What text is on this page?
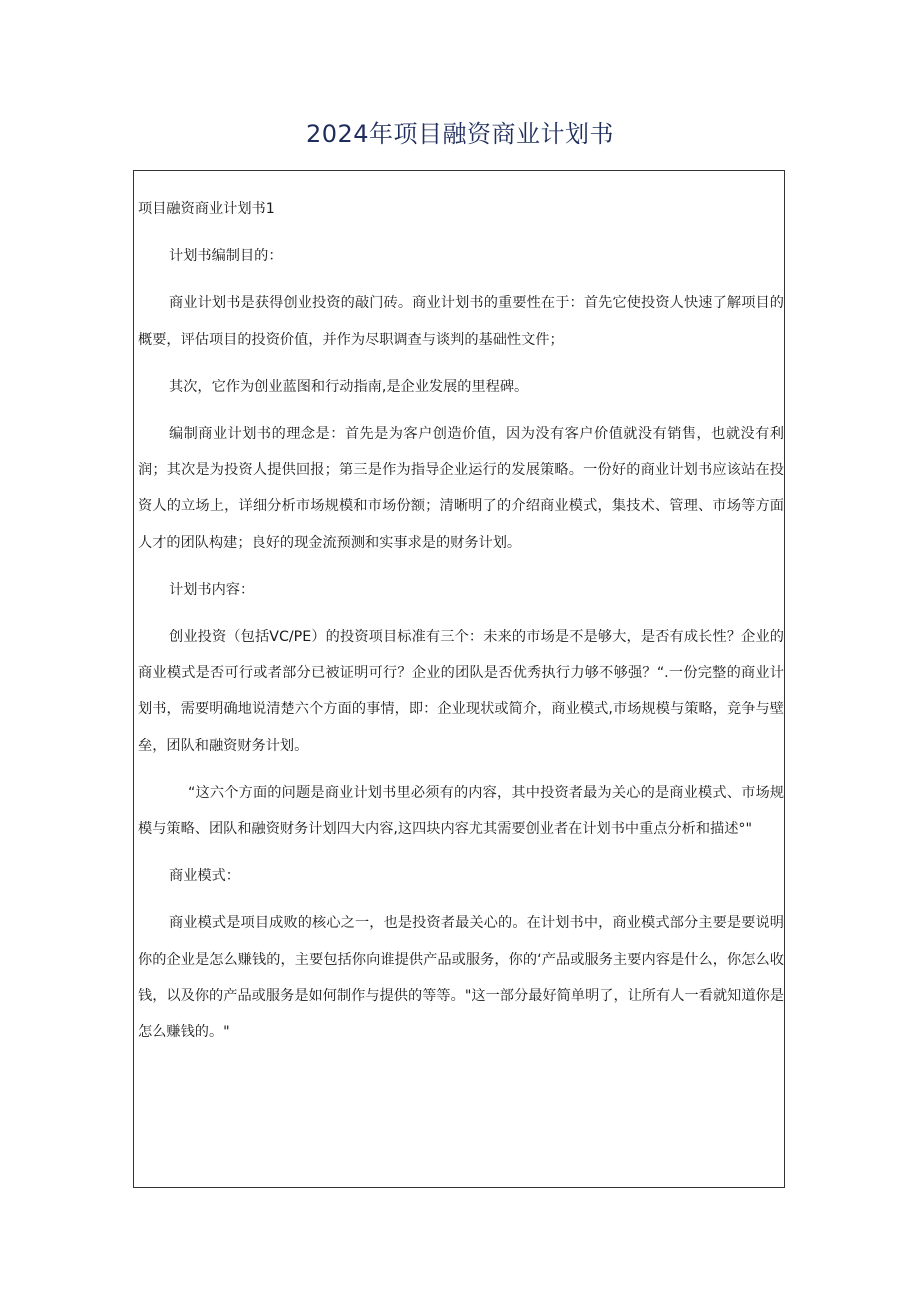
2024年项目融资商业计划书

项目融资商业计划书1

计划书编制目的：

商业计划书是获得创业投资的敲门砖。商业计划书的重要性在于：首先它使投资人快速了解项目的概要，评估项目的投资价值，并作为尽职调查与谈判的基础性文件；

其次，它作为创业蓝图和行动指南,是企业发展的里程碑。

编制商业计划书的理念是：首先是为客户创造价值，因为没有客户价值就没有销售，也就没有利润；其次是为投资人提供回报；第三是作为指导企业运行的发展策略。一份好的商业计划书应该站在投资人的立场上，详细分析市场规模和市场份额；清晰明了的介绍商业模式，集技术、管理、市场等方面人才的团队构建；良好的现金流预测和实事求是的财务计划。

计划书内容：

创业投资（包括VC/PE）的投资项目标准有三个：未来的市场是不是够大，是否有成长性？企业的商业模式是否可行或者部分已被证明可行？企业的团队是否优秀执行力够不够强？“.一份完整的商业计划书，需要明确地说清楚六个方面的事情，即：企业现状或简介，商业模式,市场规模与策略，竞争与壁垒，团队和融资财务计划。

“这六个方面的问题是商业计划书里必须有的内容，其中投资者最为关心的是商业模式、市场规模与策略、团队和融资财务计划四大内容,这四块内容尤其需要创业者在计划书中重点分析和描述°"

商业模式：

商业模式是项目成败的核心之一，也是投资者最关心的。在计划书中，商业模式部分主要是要说明你的企业是怎么赚钱的，主要包括你向谁提供产品或服务，你的‘产品或服务主要内容是什么，你怎么收钱，以及你的产品或服务是如何制作与提供的等等。"这一部分最好简单明了，让所有人一看就知道你是怎么赚钱的。"
